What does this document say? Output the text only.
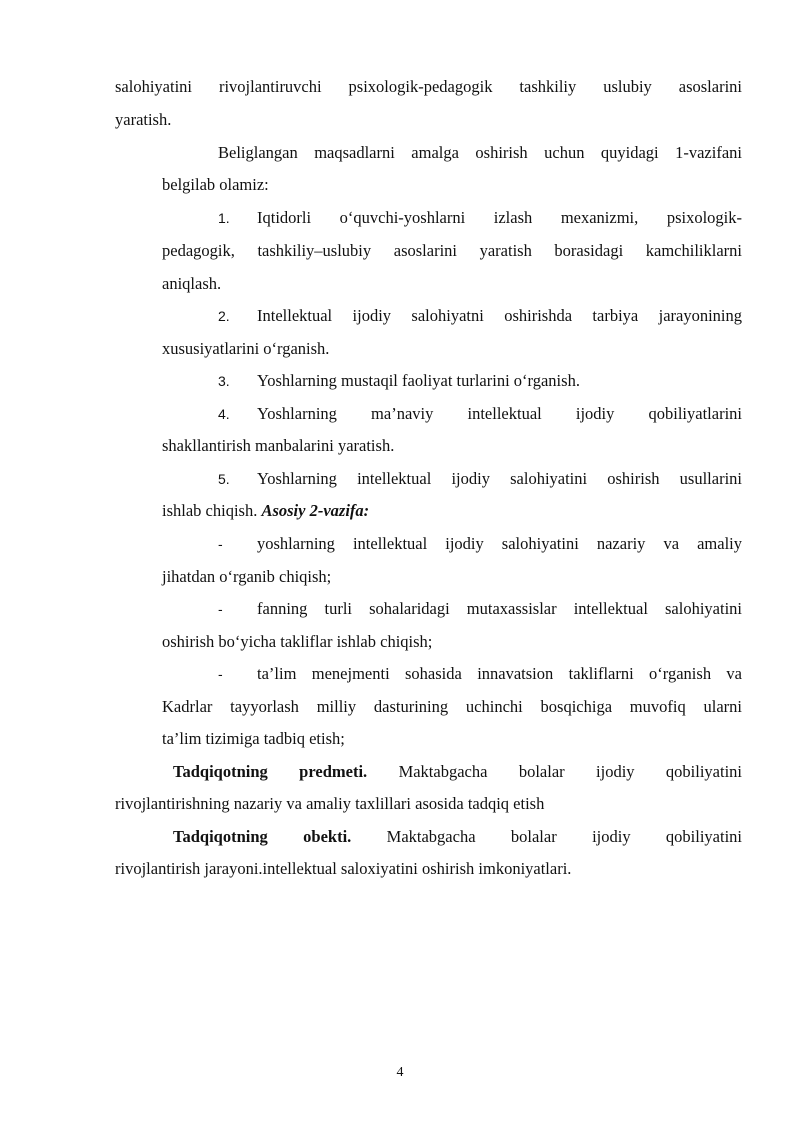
salohiyatini rivojlantiruvchi psixologik-pedagogik tashkiliy uslubiy asoslarini
yaratish.
Beliglangan maqsadlarni amalga oshirish uchun quyidagi 1-vazifani
belgilab olamiz:
1. Iqtidorli o‘quvchi-yoshlarni izlash mexanizmi, psixologik-
pedagogik, tashkiliy–uslubiy asoslarini yaratish borasidagi kamchiliklarni
aniqlash.
2. Intellektual ijodiy salohiyatni oshirishda tarbiya jarayonining
xususiyatlarini o‘rganish.
3. Yoshlarning mustaqil faoliyat turlarini o‘rganish.
4. Yoshlarning ma’naviy intellektual ijodiy qobiliyatlarini
shakllantirish manbalarini yaratish.
5. Yoshlarning intellektual ijodiy salohiyatini oshirish usullarini
ishlab chiqish. Asosiy 2-vazifa:
- yoshlarning intellektual ijodiy salohiyatini nazariy va amaliy
jihatdan o‘rganib chiqish;
- fanning turli sohalaridagi mutaxassislar intellektual salohiyatini
oshirish bo‘yicha takliflar ishlab chiqish;
- ta’lim menejmenti sohasida innavatsion takliflarni o‘rganish va
Kadrlar tayyorlash milliy dasturining uchinchi bosqichiga muvofiq ularni
ta’lim tizimiga tadbiq etish;
Tadqiqotning predmeti. Maktabgacha bolalar ijodiy qobiliyatini
rivojlantirishning nazariy va amaliy taxlillari asosida tadqiq etish
Tadqiqotning obekti. Maktabgacha bolalar ijodiy qobiliyatini
rivojlantirish jarayoni.intellektual saloxiyatini oshirish imkoniyatlari.
4
